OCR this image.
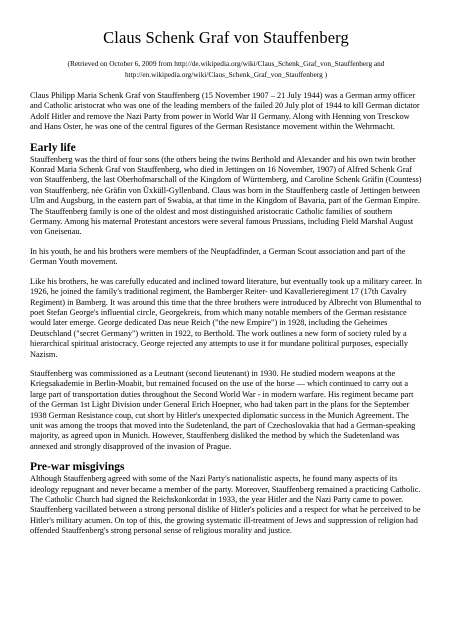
Claus Schenk Graf von Stauffenberg
(Retrieved on October 6, 2009 from http://de.wikipedia.org/wiki/Claus_Schenk_Graf_von_Stauffenberg and
http://en.wikipedia.org/wiki/Claus_Schenk_Graf_von_Stauffenberg )

Claus Philipp Maria Schenk Graf von Stauffenberg (15 November 1907 – 21 July 1944) was a German army officer and Catholic aristocrat who was one of the leading members of the failed 20 July plot of 1944 to kill German dictator Adolf Hitler and remove the Nazi Party from power in World War II Germany. Along with Henning von Tresckow and Hans Oster, he was one of the central figures of the German Resistance movement within the Wehrmacht.

Early life

Stauffenberg was the third of four sons (the others being the twins Berthold and Alexander and his own twin brother Konrad Maria Schenk Graf von Stauffenberg, who died in Jettingen on 16 November, 1907) of Alfred Schenk Graf von Stauffenberg, the last Oberhofmarschall of the Kingdom of Württemberg, and Caroline Schenk Gräfin (Countess) von Stauffenberg, née Gräfin von Üxküll-Gyllenband. Claus was born in the Stauffenberg castle of Jettingen between Ulm and Augsburg, in the eastern part of Swabia, at that time in the Kingdom of Bavaria, part of the German Empire. The Stauffenberg family is one of the oldest and most distinguished aristocratic Catholic families of southern Germany. Among his maternal Protestant ancestors were several famous Prussians, including Field Marshal August von Gneisenau.

In his youth, he and his brothers were members of the Neupfadfinder, a German Scout association and part of the German Youth movement.

Like his brothers, he was carefully educated and inclined toward literature, but eventually took up a military career. In 1926, he joined the family's traditional regiment, the Bamberger Reiter- und Kavallerieregiment 17 (17th Cavalry Regiment) in Bamberg. It was around this time that the three brothers were introduced by Albrecht von Blumenthal to poet Stefan George's influential circle, Georgekreis, from which many notable members of the German resistance would later emerge. George dedicated Das neue Reich ("the new Empire") in 1928, including the Geheimes Deutschland ("secret Germany") written in 1922, to Berthold. The work outlines a new form of society ruled by a hierarchical spiritual aristocracy. George rejected any attempts to use it for mundane political purposes, especially Nazism.

Stauffenberg was commissioned as a Leutnant (second lieutenant) in 1930. He studied modern weapons at the Kriegsakademie in Berlin-Moabit, but remained focused on the use of the horse — which continued to carry out a large part of transportation duties throughout the Second World War - in modern warfare. His regiment became part of the German 1st Light Division under General Erich Hoepner, who had taken part in the plans for the September 1938 German Resistance coup, cut short by Hitler's unexpected diplomatic success in the Munich Agreement. The unit was among the troops that moved into the Sudetenland, the part of Czechoslovakia that had a German-speaking majority, as agreed upon in Munich. However, Stauffenberg disliked the method by which the Sudetenland was annexed and strongly disapproved of the invasion of Prague.

Pre-war misgivings

Although Stauffenberg agreed with some of the Nazi Party's nationalistic aspects, he found many aspects of its ideology repugnant and never became a member of the party. Moreover, Stauffenberg remained a practicing Catholic. The Catholic Church had signed the Reichskonkordat in 1933, the year Hitler and the Nazi Party came to power. Stauffenberg vacillated between a strong personal dislike of Hitler's policies and a respect for what he perceived to be Hitler's military acumen. On top of this, the growing systematic ill-treatment of Jews and suppression of religion had offended Stauffenberg's strong personal sense of religious morality and justice.
